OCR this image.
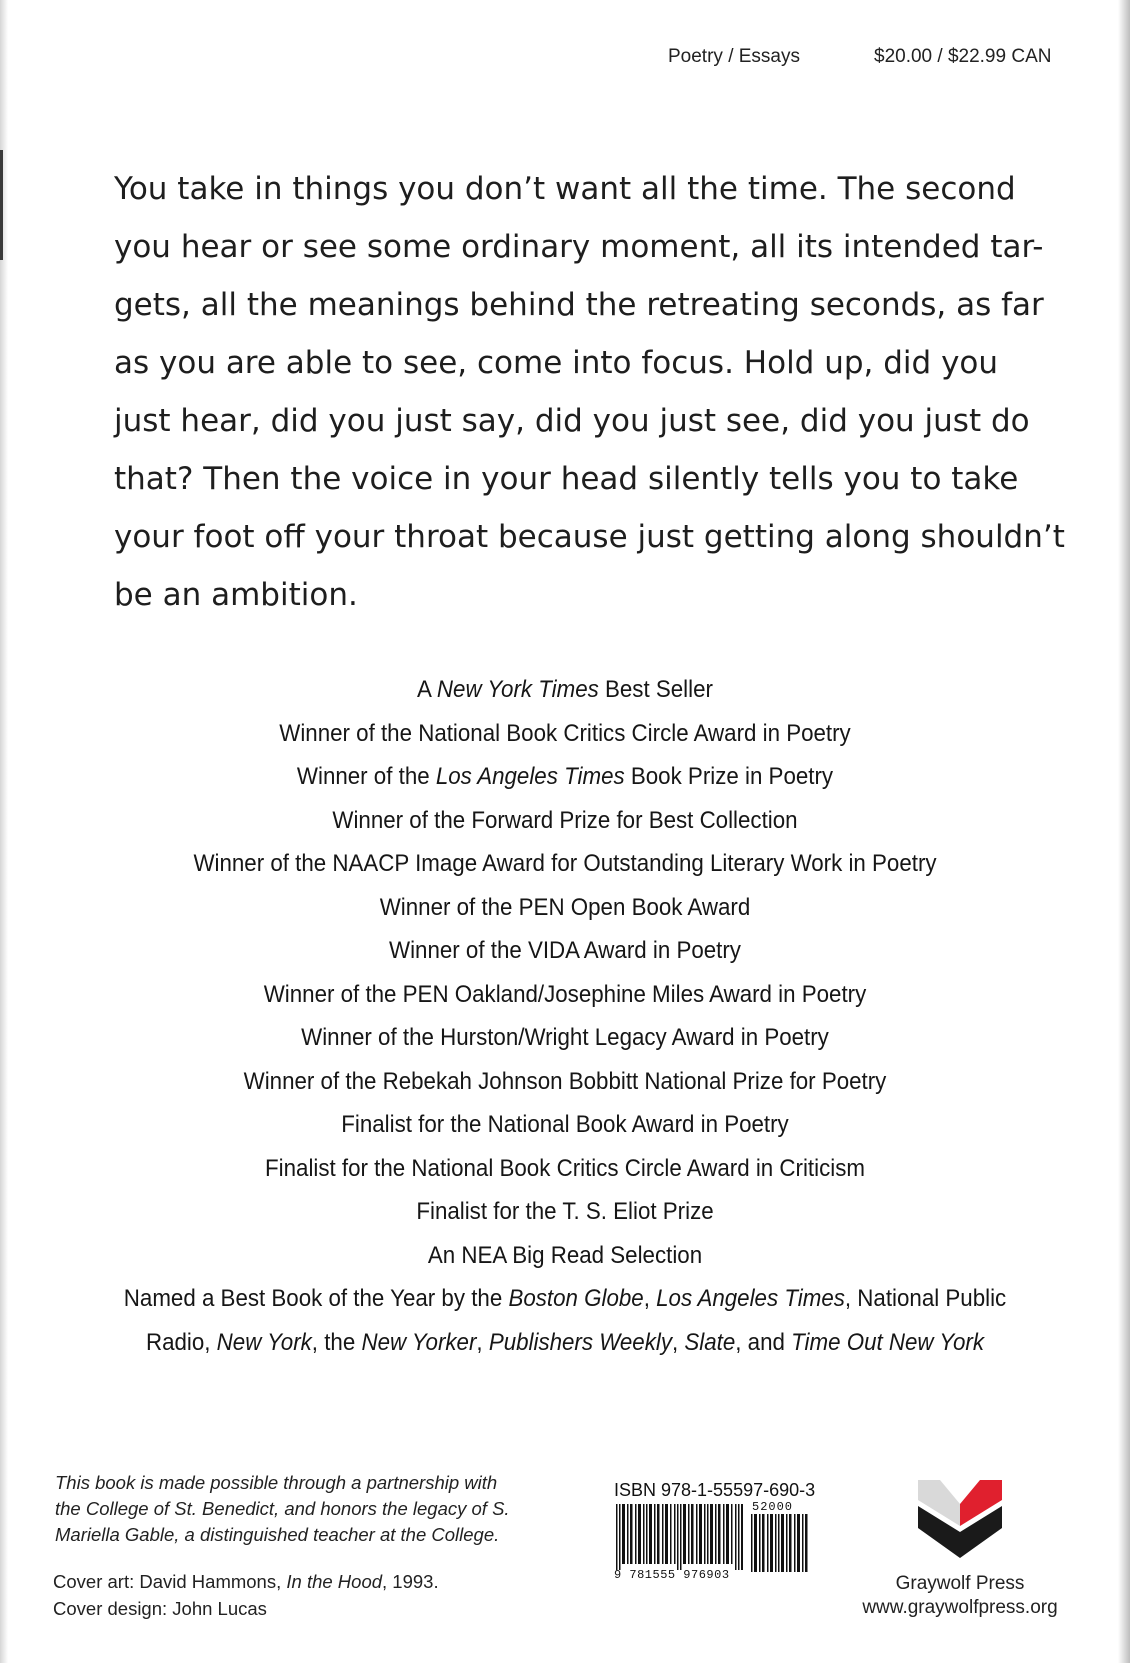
Poetry / Essays	$20.00 / $22.99 CAN
You take in things you don’t want all the time. The second
you hear or see some ordinary moment, all its intended tar-
gets, all the meanings behind the retreating seconds, as far
as you are able to see, come into focus. Hold up, did you
just hear, did you just say, did you just see, did you just do
that? Then the voice in your head silently tells you to take
your foot off your throat because just getting along shouldn’t
be an ambition.
A New York Times Best Seller
Winner of the National Book Critics Circle Award in Poetry
Winner of the Los Angeles Times Book Prize in Poetry
Winner of the Forward Prize for Best Collection
Winner of the NAACP Image Award for Outstanding Literary Work in Poetry
Winner of the PEN Open Book Award
Winner of the VIDA Award in Poetry
Winner of the PEN Oakland/Josephine Miles Award in Poetry
Winner of the Hurston/Wright Legacy Award in Poetry
Winner of the Rebekah Johnson Bobbitt National Prize for Poetry
Finalist for the National Book Award in Poetry
Finalist for the National Book Critics Circle Award in Criticism
Finalist for the T. S. Eliot Prize
An NEA Big Read Selection
Named a Best Book of the Year by the Boston Globe, Los Angeles Times, National Public
Radio, New York, the New Yorker, Publishers Weekly, Slate, and Time Out New York
This book is made possible through a partnership with
the College of St. Benedict, and honors the legacy of S.
Mariella Gable, a distinguished teacher at the College.
Cover art: David Hammons, In the Hood, 1993.
Cover design: John Lucas
ISBN 978-1-55597-690-3
52000
9 781555 976903	Graywolf Press
www.graywolfpress.org
